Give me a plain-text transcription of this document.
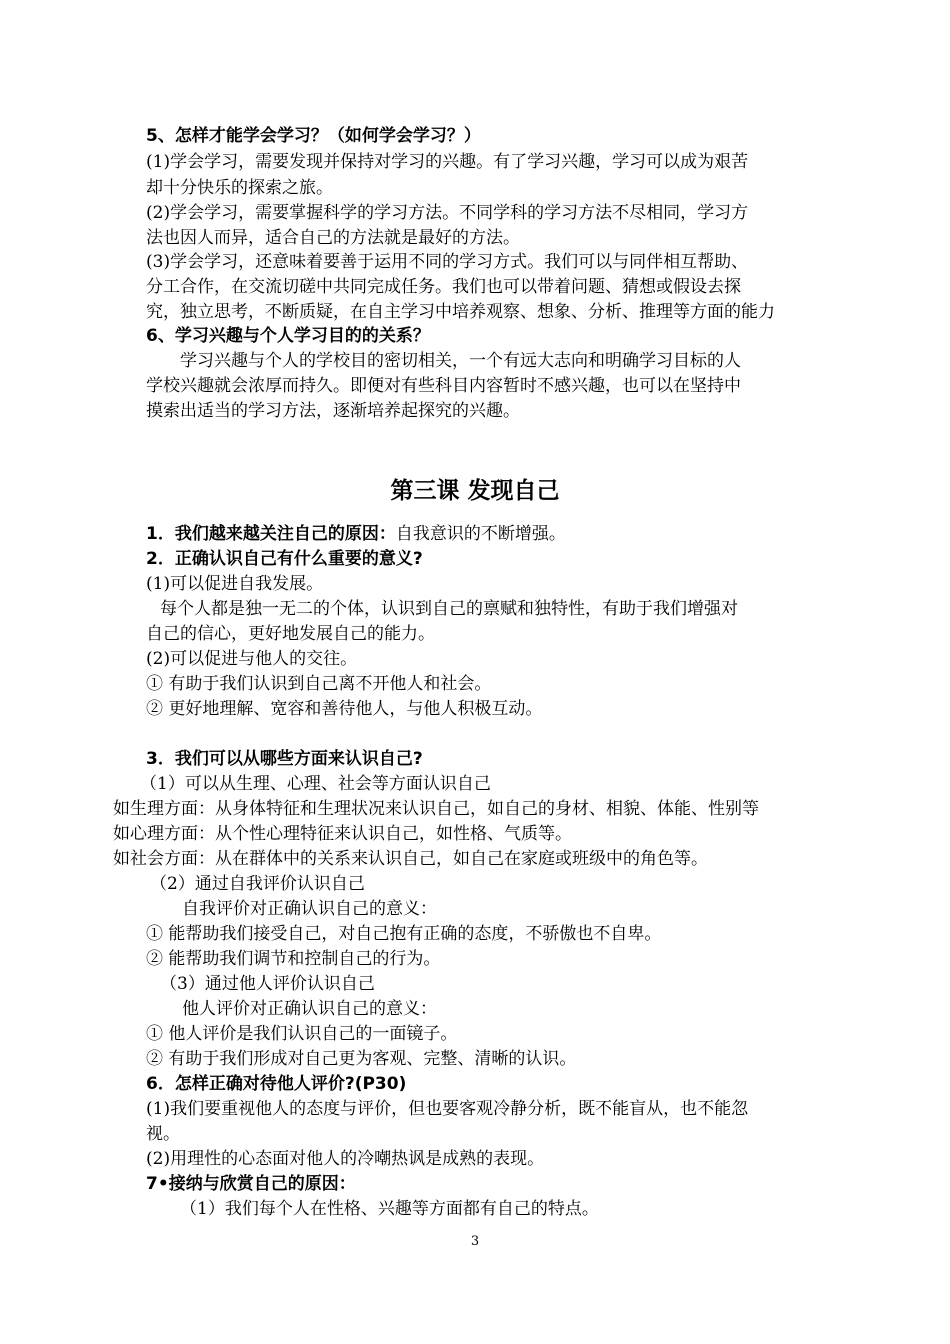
5、怎样才能学会学习？（如何学会学习？）
(1)学会学习，需要发现并保持对学习的兴趣。有了学习兴趣，学习可以成为艰苦
却十分快乐的探索之旅。
(2)学会学习，需要掌握科学的学习方法。不同学科的学习方法不尽相同，学习方
法也因人而异，适合自己的方法就是最好的方法。
(3)学会学习，还意味着要善于运用不同的学习方式。我们可以与同伴相互帮助、
分工合作，在交流切磋中共同完成任务。我们也可以带着问题、猜想或假设去探
究，独立思考，不断质疑，在自主学习中培养观察、想象、分析、推理等方面的能力
6、学习兴趣与个人学习目的的关系？
学习兴趣与个人的学校目的密切相关，一个有远大志向和明确学习目标的人
学校兴趣就会浓厚而持久。即便对有些科目内容暂时不感兴趣，也可以在坚持中
摸索出适当的学习方法，逐渐培养起探究的兴趣。
第三课 发现自己
1．我们越来越关注自己的原因：自我意识的不断增强。
2．正确认识自己有什么重要的意义?
(1)可以促进自我发展。
每个人都是独一无二的个体，认识到自己的禀赋和独特性，有助于我们增强对
自己的信心，更好地发展自己的能力。
(2)可以促进与他人的交往。
① 有助于我们认识到自己离不开他人和社会。
② 更好地理解、宽容和善待他人，与他人积极互动。
3．我们可以从哪些方面来认识自己?
（1）可以从生理、心理、社会等方面认识自己
如生理方面：从身体特征和生理状况来认识自己，如自己的身材、相貌、体能、性别等
如心理方面：从个性心理特征来认识自己，如性格、气质等。
如社会方面：从在群体中的关系来认识自己，如自己在家庭或班级中的角色等。
（2）通过自我评价认识自己
自我评价对正确认识自己的意义：
① 能帮助我们接受自己，对自己抱有正确的态度，不骄傲也不自卑。
② 能帮助我们调节和控制自己的行为。
（3）通过他人评价认识自己
他人评价对正确认识自己的意义：
① 他人评价是我们认识自己的一面镜子。
② 有助于我们形成对自己更为客观、完整、清晰的认识。
6．怎样正确对待他人评价?(P30)
(1)我们要重视他人的态度与评价，但也要客观冷静分析，既不能盲从，也不能忽
视。
(2)用理性的心态面对他人的冷嘲热讽是成熟的表现。
7•接纳与欣赏自己的原因：
（1）我们每个人在性格、兴趣等方面都有自己的特点。
3
